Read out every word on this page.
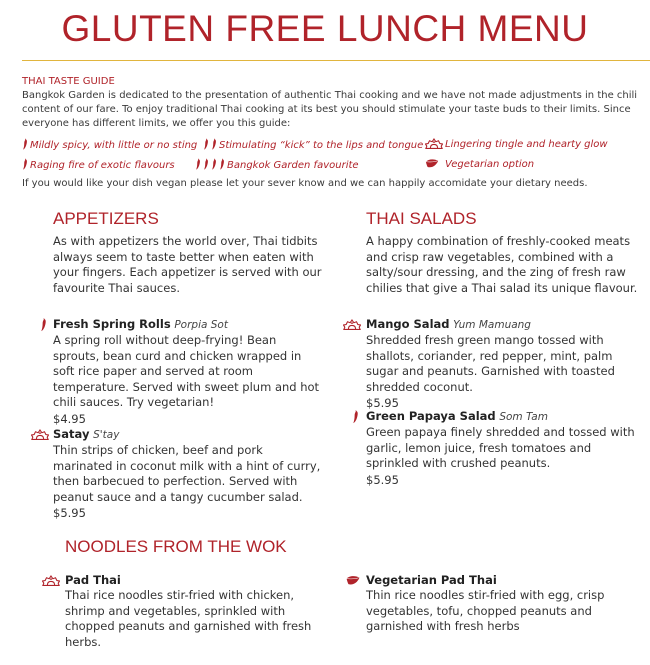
GLUTEN FREE LUNCH MENU
THAI TASTE GUIDE
Bangkok Garden is dedicated to the presentation of authentic Thai cooking and we have not made adjustments in the chili content of our fare. To enjoy traditional Thai cooking at its best you should stimulate your taste buds to their limits. Since everyone has different limits, we offer you this guide:
Mildly spicy, with little or no sting	Stimulating “kick” to the lips and tongue	Lingering tingle and hearty glow
Raging fire of exotic flavours	Bangkok Garden favourite	Vegetarian option
If you would like your dish vegan please let your sever know and we can happily accomidate your dietary needs.
APPETIZERS
As with appetizers the world over, Thai tidbits always seem to taste better when eaten with your fingers. Each appetizer is served with our favourite Thai sauces.
Fresh Spring Rolls Porpia Sot
A spring roll without deep-frying! Bean sprouts, bean curd and chicken wrapped in soft rice paper and served at room temperature. Served with sweet plum and hot chili sauces. Try vegetarian!
$4.95
Satay S'tay
Thin strips of chicken, beef and pork marinated in coconut milk with a hint of curry, then barbecued to perfection. Served with peanut sauce and a tangy cucumber salad.
$5.95
THAI SALADS
A happy combination of freshly-cooked meats and crisp raw vegetables, combined with a salty/sour dressing, and the zing of fresh raw chilies that give a Thai salad its unique flavour.
Mango Salad Yum Mamuang
Shredded fresh green mango tossed with shallots, coriander, red pepper, mint, palm sugar and peanuts. Garnished with toasted shredded coconut.
$5.95
Green Papaya Salad Som Tam
Green papaya finely shredded and tossed with garlic, lemon juice, fresh tomatoes and sprinkled with crushed peanuts.
$5.95
NOODLES FROM THE WOK
Pad Thai
Thai rice noodles stir-fried with chicken, shrimp and vegetables, sprinkled with chopped peanuts and garnished with fresh herbs.
Vegetarian Pad Thai
Thin rice noodles stir-fried with egg, crisp vegetables, tofu, chopped peanuts and garnished with fresh herbs
